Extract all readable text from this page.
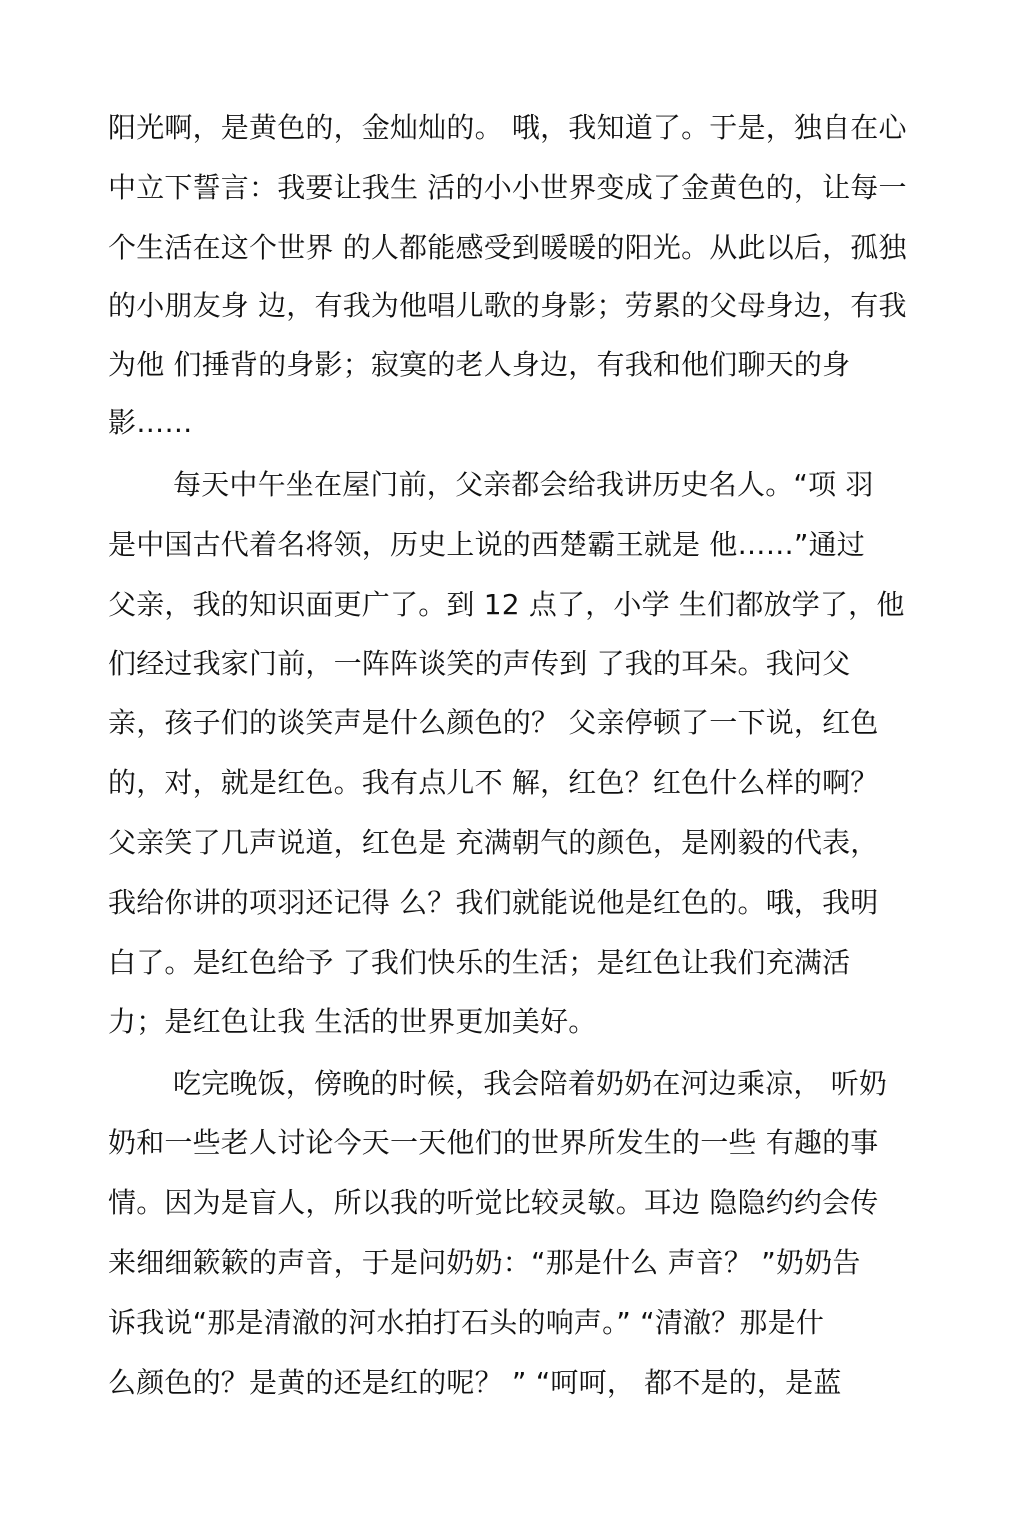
阳光啊，是黄色的，金灿灿的。 哦，我知道了。于是，独自在心

中立下誓言：我要让我生 活的小小世界变成了金黄色的，让每一

个生活在这个世界 的人都能感受到暖暖的阳光。从此以后，孤独

的小朋友身 边，有我为他唱儿歌的身影；劳累的父母身边，有我

为他 们捶背的身影；寂寞的老人身边，有我和他们聊天的身

影……

每天中午坐在屋门前，父亲都会给我讲历史名人。“项 羽

是中国古代着名将领，历史上说的西楚霸王就是 他……”通过

父亲，我的知识面更广了。到 12 点了，小学 生们都放学了，他

们经过我家门前，一阵阵谈笑的声传到 了我的耳朵。我问父

亲，孩子们的谈笑声是什么颜色的？ 父亲停顿了一下说，红色

的，对，就是红色。我有点儿不 解，红色？红色什么样的啊？

父亲笑了几声说道，红色是 充满朝气的颜色，是刚毅的代表，

我给你讲的项羽还记得 么？我们就能说他是红色的。哦，我明

白了。是红色给予 了我们快乐的生活；是红色让我们充满活

力；是红色让我 生活的世界更加美好。

吃完晚饭，傍晚的时候，我会陪着奶奶在河边乘凉， 听奶

奶和一些老人讨论今天一天他们的世界所发生的一些 有趣的事

情。因为是盲人，所以我的听觉比较灵敏。耳边 隐隐约约会传

来细细簌簌的声音，于是问奶奶：“那是什么 声音？ ”奶奶告

诉我说“那是清澈的河水拍打石头的响声。” “清澈？那是什

么颜色的？是黄的还是红的呢？ ” “呵呵， 都不是的，是蓝
